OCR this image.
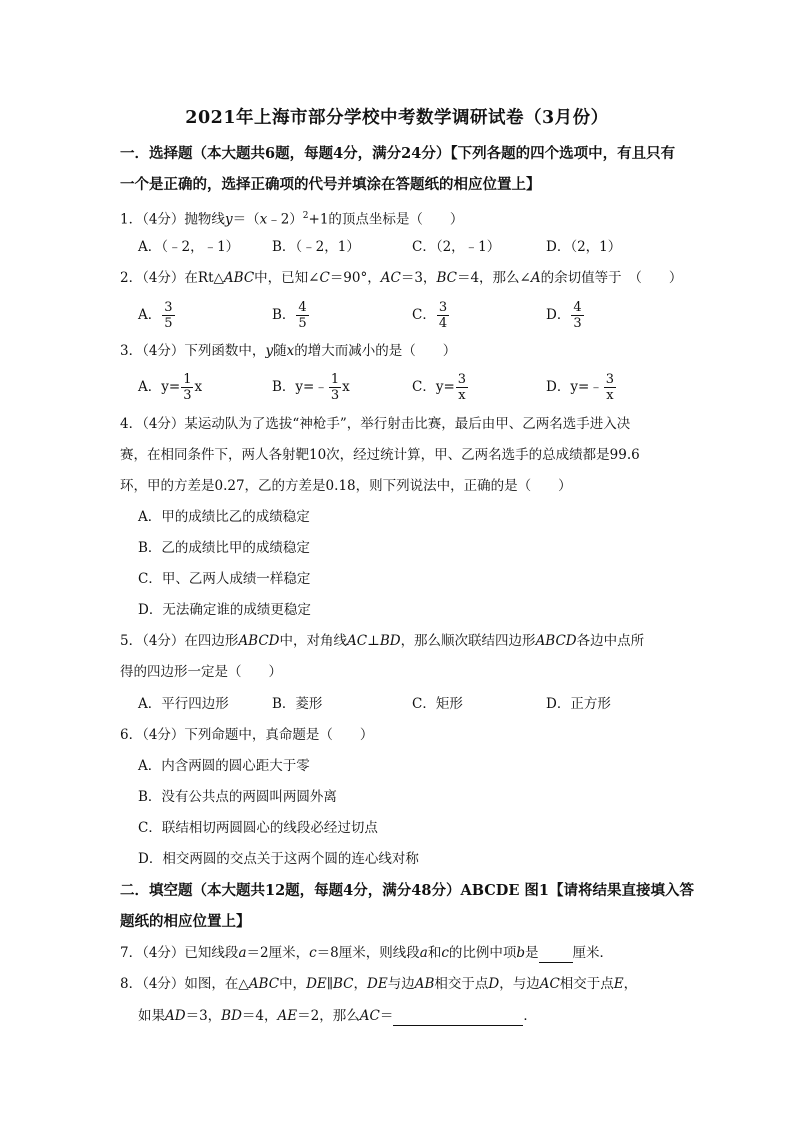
2021年上海市部分学校中考数学调研试卷（3月份）
一．选择题（本大题共6题，每题4分，满分24分）【下列各题的四个选项中，有且只有
一个是正确的，选择正确项的代号并填涂在答题纸的相应位置上】
1．（4分）抛物线y＝（x﹣2）$^2$+1的顶点坐标是（　　）
A．（﹣2，﹣1） B．（﹣2，1）	C．（2，﹣1）	D．（2，1）
2．（4分）在Rt△ABC中，已知∠C＝90°，AC＝3，BC＝4，那么∠A的余切值等于　（　　）
A． $\frac{3}{5}$	B． $\frac{4}{5}$	C． $\frac{3}{4}$	D． $\frac{4}{3}$
3．（4分）下列函数中，y随x的增大而减小的是（　　）
A．$y= \frac{1}{3}$ x	B．y=﹣ $\frac{1}{3}$ x	C．$y= \frac{3}{x}$	D．y=﹣ $\frac{3}{x}$
4．（4分）某运动队为了选拔“神枪手”，举行射击比赛，最后由甲、乙两名选手进入决
赛，在相同条件下，两人各射靶10次，经过统计算，甲、乙两名选手的总成绩都是99.6
环，甲的方差是0.27，乙的方差是0.18，则下列说法中，正确的是（　　）
A．甲的成绩比乙的成绩稳定
B．乙的成绩比甲的成绩稳定
C．甲、乙两人成绩一样稳定
D．无法确定谁的成绩更稳定
5．（4分）在四边形ABCD中，对角线AC⊥BD，那么顺次联结四边形ABCD各边中点所
得的四边形一定是（　　）
A．平行四边形	B．菱形	C．矩形	D．正方形
6．（4分）下列命题中，真命题是（　　）
A．内含两圆的圆心距大于零
B．没有公共点的两圆叫两圆外离
C．联结相切两圆圆心的线段必经过切点
D．相交两圆的交点关于这两个圆的连心线对称
二．填空题（本大题共12题，每题4分，满分48分）ABCDE 图1【请将结果直接填入答
题纸的相应位置上】
7．（4分）已知线段a＝2厘米，c＝8厘米，则线段a和c的比例中项b是	厘米．
8．（4分）如图，在△ABC中，DE∥BC，DE与边AB相交于点D，与边AC相交于点E，
如果AD＝3，BD＝4，AE＝2，那么AC＝	．
